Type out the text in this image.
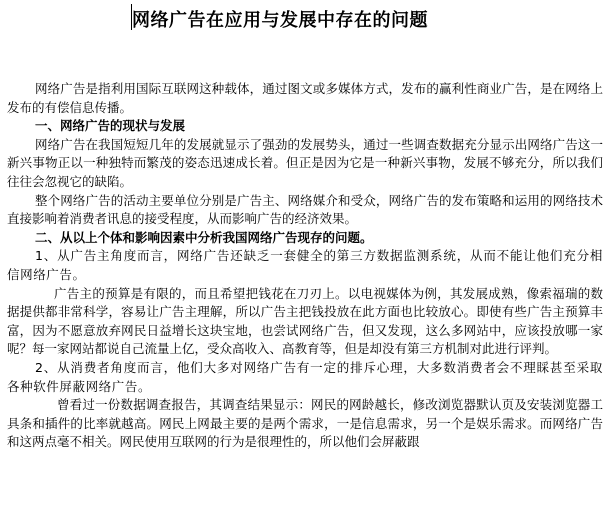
网络广告在应用与发展中存在的问题

网络广告是指利用国际互联网这种载体，通过图文或多媒体方式，发布的赢利性商业广告，是在网络上发布的有偿信息传播。

一、网络广告的现状与发展

网络广告在我国短短几年的发展就显示了强劲的发展势头，通过一些调查数据充分显示出网络广告这一新兴事物正以一种独特而繁茂的姿态迅速成长着。但正是因为它是一种新兴事物，发展不够充分，所以我们往往会忽视它的缺陷。

整个网络广告的活动主要单位分别是广告主、网络媒介和受众，网络广告的发布策略和运用的网络技术直接影响着消费者讯息的接受程度，从而影响广告的经济效果。

二、从以上个体和影响因素中分析我国网络广告现存的问题。

1、从广告主角度而言，网络广告还缺乏一套健全的第三方数据监测系统，从而不能让他们充分相信网络广告。

广告主的预算是有限的，而且希望把钱花在刀刃上。以电视媒体为例，其发展成熟，像索福瑞的数据提供都非常科学，容易让广告主理解，所以广告主把钱投放在此方面也比较放心。即使有些广告主预算丰富，因为不愿意放弃网民日益增长这块宝地，也尝试网络广告，但又发现，这么多网站中，应该投放哪一家呢？每一家网站都说自己流量上亿，受众高收入、高教育等，但是却没有第三方机制对此进行评判。

2、从消费者角度而言，他们大多对网络广告有一定的排斥心理，大多数消费者会不理睬甚至采取各种软件屏蔽网络广告。

曾看过一份数据调查报告，其调查结果显示：网民的网龄越长，修改浏览器默认页及安装浏览器工具条和插件的比率就越高。网民上网最主要的是两个需求，一是信息需求，另一个是娱乐需求。而网络广告和这两点毫不相关。网民使用互联网的行为是很理性的，所以他们会屏蔽跟
